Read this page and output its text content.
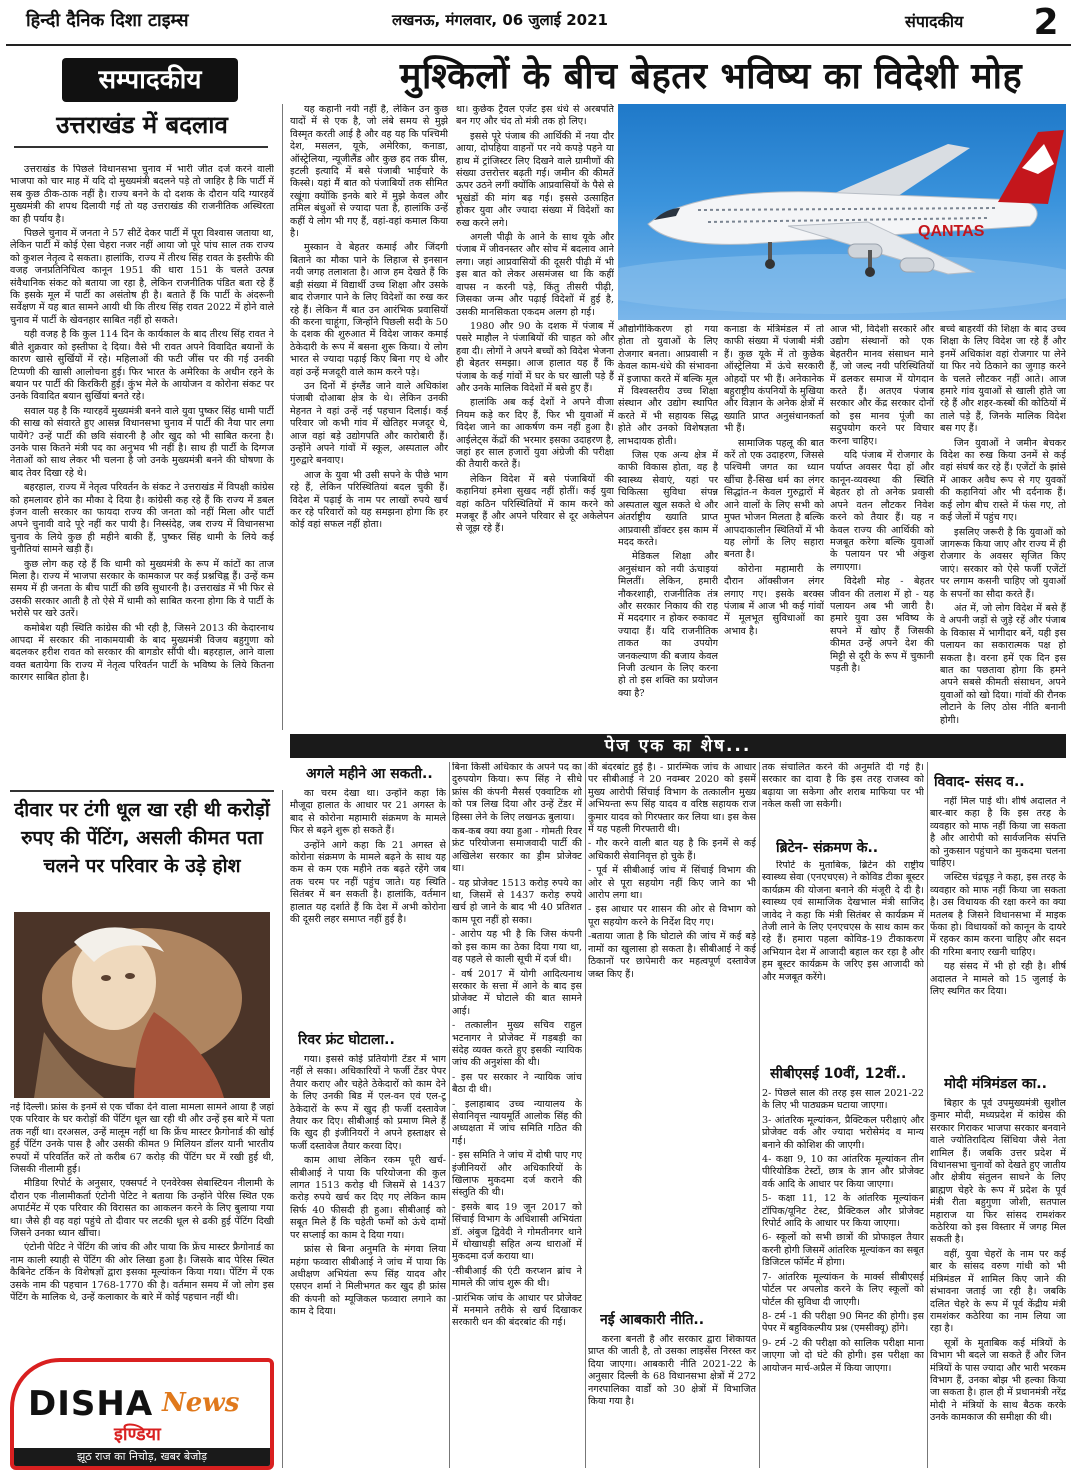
हिन्दी दैनिक दिशा टाइम्स	लखनऊ, मंगलवार, 06 जुलाई 2021	संपादकीय 2
सम्पादकीय	मुश्किलों के बीच बेहतर भविष्य का विदेशी मोह
उत्तराखंड में बदलाव

उत्तराखंड के पिछले विधानसभा चुनाव में भारी जीत दर्ज करने वाली भाजपा को चार माह में यदि दो मुख्यमंत्री बदलने पड़े तो जाहिर है कि पार्टी में सब कुछ ठीक-ठाक नहीं है। राज्य बनने के दो दशक के दौरान यदि ग्यारहवें मुख्यमंत्री की शपथ दिलायी गई तो यह उत्तराखंड की राजनीतिक अस्थिरता का ही पर्याय है।

पिछले चुनाव में जनता ने 57 सीटें देकर पार्टी में पूरा विश्वास जताया था, लेकिन पार्टी में कोई ऐसा चेहरा नजर नहीं आया जो पूरे पांच साल तक राज्य को कुशल नेतृत्व दे सकता। हालांकि, राज्य में तीरथ सिंह रावत के इस्तीफे की वजह जनप्रतिनिधित्व कानून 1951 की धारा 151 के चलते उत्पन्न संवैधानिक संकट को बताया जा रहा है, लेकिन राजनीतिक पंडित बता रहे हैं कि इसके मूल में पार्टी का असंतोष ही है। बताते हैं कि पार्टी के अंदरूनी सर्वेक्षण में यह बात सामने आयी थी कि तीरथ सिंह रावत 2022 में होने वाले चुनाव में पार्टी के खेवनहार साबित नहीं हो सकते।

यही वजह है कि कुल 114 दिन के कार्यकाल के बाद तीरथ सिंह रावत ने बीते शुक्रवार को इस्तीफा दे दिया। वैसे भी रावत अपने विवादित बयानों के कारण खासे सुर्खियों में रहे। महिलाओं की फटी जींस पर की गई उनकी टिप्पणी की खासी आलोचना हुई। फिर भारत के अमेरिका के अधीन रहने के बयान पर पार्टी की किरकिरी हुई। कुंभ मेले के आयोजन व कोरोना संकट पर उनके विवादित बयान सुर्खियां बनते रहे।

सवाल यह है कि ग्यारहवें मुख्यमंत्री बनने वाले युवा पुष्कर सिंह धामी पार्टी की साख को संवारते हुए आसन्न विधानसभा चुनाव में पार्टी की नैया पार लगा पायेंगे? उन्हें पार्टी की छवि संवारनी है और खुद को भी साबित करना है। उनके पास कितने मंत्री पद का अनुभव भी नहीं है। साथ ही पार्टी के दिग्गज नेताओं को साथ लेकर भी चलना है जो उनके मुख्यमंत्री बनने की घोषणा के बाद तेवर दिखा रहे थे।

बहरहाल, राज्य में नेतृत्व परिवर्तन के संकट ने उत्तराखंड में विपक्षी कांग्रेस को हमलावर होने का मौका दे दिया है। कांग्रेसी कह रहे हैं कि राज्य में डबल इंजन वाली सरकार का फायदा राज्य की जनता को नहीं मिला और पार्टी अपने चुनावी वादे पूरे नहीं कर पायी है। निस्संदेह, जब राज्य में विधानसभा चुनाव के लिये कुछ ही महीने बाकी हैं, पुष्कर सिंह धामी के लिये कई चुनौतियां सामने खड़ी हैं।

कुछ लोग कह रहे हैं कि धामी को मुख्यमंत्री के रूप में कांटों का ताज मिला है। राज्य में भाजपा सरकार के कामकाज पर कई प्रश्नचिह्न हैं। उन्हें कम समय में ही जनता के बीच पार्टी की छवि सुधारनी है। उत्तराखंड में भी फिर से उसकी सरकार आती है तो ऐसे में धामी को साबित करना होगा कि वे पार्टी के भरोसे पर खरे उतरें।

कमोबेश यही स्थिति कांग्रेस की भी रही है, जिसने 2013 की केदारनाथ आपदा में सरकार की नाकामयाबी के बाद मुख्यमंत्री विजय बहुगुणा को बदलकर हरीश रावत को सरकार की बागडोर सौंपी थी। बहरहाल, आने वाला वक्त बतायेगा कि राज्य में नेतृत्व परिवर्तन पार्टी के भविष्य के लिये कितना कारगर साबित होता है।

यह कहानी नयी नहीं है, लेकिन उन कुछ यादों में से एक है, जो लंबे समय से मुझे विस्मृत करती आई है और वह यह कि पश्चिमी देश, मसलन, यूके, अमेरिका, कनाडा, ऑस्ट्रेलिया, न्यूजीलैंड और कुछ हद तक ग्रीस, इटली इत्यादि में बसे पंजाबी भाईचारे के किस्से। यहां मैं बात को पंजाबियों तक सीमित रखूंगा क्योंकि इनके बारे में मुझे केवल और तमिल बंधुओं से ज्यादा पता है, हालांकि उन्हें कहीं ये लोग भी गए हैं, वहां-वहां कमाल किया है।

मुस्कान वे बेहतर कमाई और जिंदगी बिताने का मौका पाने के लिहाज से इनसान नयी जगह तलाशता है। आज हम देखते हैं कि बड़ी संख्या में विद्यार्थी उच्च शिक्षा और उसके बाद रोजगार पाने के लिए विदेशों का रुख कर रहे हैं। लेकिन मैं बात उन आरंभिक प्रवासियों की करना चाहूंगा, जिन्होंने पिछली सदी के 50 के दशक की शुरुआत में विदेश जाकर कमाई ठेकेदारी के रूप में बसना शुरू किया। ये लोग भारत से ज्यादा पढ़ाई किए बिना गए थे और वहां उन्हें मजदूरी वाले काम करने पड़े।

उन दिनों में इंग्लैंड जाने वाले अधिकांश पंजाबी दोआबा क्षेत्र के थे। लेकिन उनकी मेहनत ने वहां उन्हें नई पहचान दिलाई। कई परिवार जो कभी गांव में खेतिहर मजदूर थे, आज वहां बड़े उद्योगपति और कारोबारी हैं। उन्होंने अपने गांवों में स्कूल, अस्पताल और गुरुद्वारे बनवाए।

आज के युवा भी उसी सपने के पीछे भाग रहे हैं, लेकिन परिस्थितियां बदल चुकी हैं। विदेश में पढ़ाई के नाम पर लाखों रुपये खर्च कर रहे परिवारों को यह समझना होगा कि हर कोई वहां सफल नहीं होता।

था। कुछेक ट्रैवल एजेंट इस धंधे से अरबपति बन गए और चंद तो मंत्री तक हो लिए।

इससे पूरे पंजाब की आर्थिकी में नया दौर आया, दोपहिया वाहनों पर नये कपड़े पहने या हाथ में ट्रांजिस्टर लिए दिखने वाले ग्रामीणों की संख्या उत्तरोत्तर बढ़ती गई। जमीन की कीमतें ऊपर उठने लगीं क्योंकि आप्रवासियों के पैसे से भूखंडों की मांग बढ़ गई। इससे उत्साहित होकर युवा और ज्यादा संख्या में विदेशों का रुख करने लगे।

अगली पीढ़ी के आने के साथ यूके और पंजाब में जीवनस्तर और सोच में बदलाव आने लगा। जहां आप्रवासियों की दूसरी पीढ़ी में भी इस बात को लेकर असमंजस था कि कहीं वापस न करनी पड़े, किंतु तीसरी पीढ़ी, जिसका जन्म और पढ़ाई विदेशों में हुई है, उसकी मानसिकता एकदम अलग हो गई।

1980 और 90 के दशक में पंजाब में पसरे माहौल ने पंजाबियों की चाहत को और हवा दी। लोगों ने अपने बच्चों को विदेश भेजना ही बेहतर समझा। आज हालात यह हैं कि पंजाब के कई गांवों में घर के घर खाली पड़े हैं और उनके मालिक विदेशों में बसे हुए हैं।

हालांकि अब कई देशों ने अपने वीजा नियम कड़े कर दिए हैं, फिर भी युवाओं में विदेश जाने का आकर्षण कम नहीं हुआ है। आईलेट्स केंद्रों की भरमार इसका उदाहरण है, जहां हर साल हजारों युवा अंग्रेजी की परीक्षा की तैयारी करते हैं।

लेकिन विदेश में बसे पंजाबियों की कहानियां हमेशा सुखद नहीं होतीं। कई युवा वहां कठिन परिस्थितियों में काम करने को मजबूर हैं और अपने परिवार से दूर अकेलेपन से जूझ रहे हैं।

QANTAS

औद्योगीकिकरण हो गया होता तो युवाओं के लिए रोजगार बनता। आप्रवासी न केवल काम-धंधे की संभावना में इजाफा करते में बल्कि मूल में विश्वस्तरीय उच्च शिक्षा संस्थान और उद्योग स्थापित करते में भी सहायक सिद्ध होते और उनको विशेषज्ञता लाभदायक होती।

जिस एक अन्य क्षेत्र में काफी विकास होता, वह है स्वास्थ्य सेवाएं, यहां पर चिकित्सा सुविधा संपन्न अस्पताल खुल सकते थे और अंतर्राष्ट्रीय ख्याति प्राप्त आप्रवासी डॉक्टर इस काम में मदद करते।

मेडिकल शिक्षा और अनुसंधान को नयी ऊंचाइयां मिलतीं। लेकिन, हमारी नौकरशाही, राजनीतिक तंत्र और सरकार निकाय की राह में मददगार न होकर रुकावट ज्यादा हैं। यदि राजनीतिक ताकत का उपयोग जनकल्याण की बजाय केवल निजी उत्थान के लिए करना हो तो इस शक्ति का प्रयोजन क्या है?

कनाडा के मंत्रिमंडल में तो काफी संख्या में पंजाबी मंत्री हैं। कुछ यूके में तो कुछेक ऑस्ट्रेलिया में ऊंचे सरकारी ओहदों पर भी हैं। अनेकानेक बहुराष्ट्रीय कंपनियों के मुखिया और विज्ञान के अनेक क्षेत्रों में ख्याति प्राप्त अनुसंधानकर्ता भी हैं।

सामाजिक पहलू की बात करें तो एक उदाहरण, जिससे पश्चिमी जगत का ध्यान खींचा है-सिख धर्म का लंगर सिद्धांत-न केवल गुरुद्वारों में आने वालों के लिए सभी को मुफ्त भोजन मिलता है बल्कि आपदाकालीन स्थितियों में भी यह लोगों के लिए सहारा बनता है।

कोरोना महामारी के दौरान ऑक्सीजन लंगर लगाए गए। इसके बरक्स पंजाब में आज भी कई गांवों में मूलभूत सुविधाओं का अभाव है।

आज भी, विदेशी सरकारें और उद्योग संस्थानों को एक बेहतरीन मानव संसाधन माने हैं, जो जल्द नयी परिस्थितियों में ढलकर समाज में योगदान करते हैं। अतएव पंजाब सरकार और केंद्र सरकार दोनों को इस मानव पूंजी का सदुपयोग करने पर विचार करना चाहिए।

यदि पंजाब में रोजगार के पर्याप्त अवसर पैदा हों और कानून-व्यवस्था की स्थिति बेहतर हो तो अनेक प्रवासी अपने वतन लौटकर निवेश करने को तैयार हैं। यह न केवल राज्य की आर्थिकी को मजबूत करेगा बल्कि युवाओं के पलायन पर भी अंकुश लगाएगा।

विदेशी मोह - बेहतर जीवन की तलाश में हो - यह पलायन अब भी जारी है। हमारे युवा उस भविष्य के सपने में खोए हैं जिसकी कीमत उन्हें अपने देश की मिट्टी से दूरी के रूप में चुकानी पड़ती है।

बच्चे बाहरवीं की शिक्षा के बाद उच्च शिक्षा के लिए विदेश जा रहे हैं और इनमें अधिकांश वहां रोजगार पा लेने या फिर नये ठिकाने का जुगाड़ करने के चलते लौटकर नहीं आते। आज हमारे गांव युवाओं से खाली होते जा रहे हैं और शहर-कस्बों की कोठियों में ताले पड़े हैं, जिनके मालिक विदेश बस गए हैं।

जिन युवाओं ने जमीन बेचकर विदेश का रुख किया उनमें से कई वहां संघर्ष कर रहे हैं। एजेंटों के झांसे में आकर अवैध रूप से गए युवकों की कहानियां और भी दर्दनाक हैं। कई लोग बीच रास्ते में फंस गए, तो कई जेलों में पहुंच गए।

इसलिए जरूरी है कि युवाओं को जागरूक किया जाए और राज्य में ही रोजगार के अवसर सृजित किए जाएं। सरकार को ऐसे फर्जी एजेंटों पर लगाम कसनी चाहिए जो युवाओं के सपनों का सौदा करते हैं।

अंत में, जो लोग विदेश में बसे हैं वे अपनी जड़ों से जुड़े रहें और पंजाब के विकास में भागीदार बनें, यही इस पलायन का सकारात्मक पक्ष हो सकता है। वरना हमें एक दिन इस बात का पछतावा होगा कि हमने अपने सबसे कीमती संसाधन, अपने युवाओं को खो दिया। गांवों की रौनक लौटाने के लिए ठोस नीति बनानी होगी।

पेज एक का शेष...
दीवार पर टंगी धूल खा रही थी करोड़ों रुपए की पेंटिंग, असली कीमत पता चलने पर परिवार के उड़े होश

नई दिल्ली। फ्रांस के इनमें से एक चौंका देने वाला मामला सामने आया है जहां एक परिवार के घर करोड़ों की पेंटिंग धूल खा रही थी और उन्हें इस बारे में पता तक नहीं था। दरअसल, उन्हें मालूम नहीं था कि फ्रेंच मास्टर फ्रैगोनार्ड की खोई हुई पेंटिंग उनके पास है और उसकी कीमत 9 मिलियन डॉलर यानी भारतीय रुपयों में परिवर्तित करें तो करीब 67 करोड़ की पेंटिंग घर में रखी हुई थी, जिसकी नीलामी हुई।

मीडिया रिपोर्ट के अनुसार, एक्सपर्ट ने एनवेरेक्स सेबास्टियन नीलामी के दौरान एक नीलामीकर्ता एंटोनी पेटिट ने बताया कि उन्होंने पेरिस स्थित एक अपार्टमेंट में एक परिवार की विरासत का आकलन करने के लिए बुलाया गया था। जैसे ही वह वहां पहुंचे तो दीवार पर लटकी धूल से ढकी हुई पेंटिंग दिखी जिसने उनका ध्यान खींचा।

एंटोनी पेटिट ने पेंटिंग की जांच की और पाया कि फ्रेंच मास्टर फ्रैगोनार्ड का नाम काली स्याही से पेंटिंग की ओर लिखा हुआ है। जिसके बाद पेरिस स्थित कैबिनेट टर्किन के विशेषज्ञों द्वारा इसका मूल्यांकन किया गया। पेंटिंग में एक उसके नाम की पहचान 1768-1770 की है। वर्तमान समय में जो लोग इस पेंटिंग के मालिक थे, उन्हें कलाकार के बारे में कोई पहचान नहीं थी।

DISHA News
इण्डिया
झूठ राज का निचोड़, खबर बेजोड़
अगले महीने आ सकती..

का चरम देखा था। उन्होंने कहा कि मौजूदा हालात के आधार पर 21 अगस्त के बाद से कोरोना महामारी संक्रमण के मामले फिर से बढ़ने शुरू हो सकते हैं।

उन्होंने आगे कहा कि 21 अगस्त से कोरोना संक्रमण के मामले बढ़ने के साथ यह कम से कम एक महीने तक बढ़ते रहेंगे जब तक चरम पर नहीं पहुंच जाते। यह स्थिति सितंबर में बन सकती है। हालांकि, वर्तमान हालात यह दर्शाते हैं कि देश में अभी कोरोना की दूसरी लहर समाप्त नहीं हुई है।

रिवर फ्रंट घोटाला..

गया। इससे कोई प्रतियोगी टेंडर में भाग नहीं ले सका। अधिकारियों ने फर्जी टेंडर पेपर तैयार कराए और चहेते ठेकेदारों को काम देने के लिए उनकी बिड में एल-वन एवं एल-टू ठेकेदारों के रूप में खुद ही फर्जी दस्तावेज तैयार कर दिए। सीबीआई को प्रमाण मिले हैं कि खुद ही इंजीनियरों ने अपने हस्ताक्षर से फर्जी दस्तावेज तैयार करवा दिए।

काम आधा लेकिन रकम पूरी खर्च-सीबीआई ने पाया कि परियोजना की कुल लागत 1513 करोड़ थी जिसमें से 1437 करोड़ रुपये खर्च कर दिए गए लेकिन काम सिर्फ 40 फीसदी ही हुआ। सीबीआई को सबूत मिले हैं कि चहेती फर्मों को ऊंचे दामों पर सप्लाई का काम दे दिया गया।

फ्रांस से बिना अनुमति के मंगवा लिया महंगा फव्वारा सीबीआई ने जांच में पाया कि अधीक्षण अभियंता रूप सिंह यादव और एसएन शर्मा ने मिलीभगत कर खुद ही फ्रांस की कंपनी को म्यूजिकल फव्वारा लगाने का काम दे दिया।

बिना किसी अधिकार के अपने पद का दुरुपयोग किया। रूप सिंह ने सीधे फ्रांस की कंपनी मैसर्स एक्वाटिक शो को पत्र लिख दिया और उन्हें टेंडर में हिस्सा लेने के लिए लखनऊ बुलाया।

कब-कब क्या क्या हुआ - गोमती रिवर फ्रंट परियोजना समाजवादी पार्टी की अखिलेश सरकार का ड्रीम प्रोजेक्ट था।

- यह प्रोजेक्ट 1513 करोड़ रुपये का था, जिसमें से 1437 करोड़ रुपये खर्च हो जाने के बाद भी 40 प्रतिशत काम पूरा नहीं हो सका।

- आरोप यह भी है कि जिस कंपनी को इस काम का ठेका दिया गया था, वह पहले से काली सूची में दर्ज थी।

- वर्ष 2017 में योगी आदित्यनाथ सरकार के सत्ता में आने के बाद इस प्रोजेक्ट में घोटाले की बात सामने आई।

- तत्कालीन मुख्य सचिव राहुल भटनागर ने प्रोजेक्ट में गड़बड़ी का संदेह व्यक्त करते हुए इसकी न्यायिक जांच की अनुशंसा की थी।

- इस पर सरकार ने न्यायिक जांच बैठा दी थी।

- इलाहाबाद उच्च न्यायालय के सेवानिवृत्त न्यायमूर्ति आलोक सिंह की अध्यक्षता में जांच समिति गठित की गई।

- इस समिति ने जांच में दोषी पाए गए इंजीनियरों और अधिकारियों के खिलाफ मुकदमा दर्ज कराने की संस्तुति की थी।

- इसके बाद 19 जून 2017 को सिंचाई विभाग के अधिशासी अभियंता डॉ. अंबुज द्विवेदी ने गोमतीनगर थाने में धोखाधड़ी सहित अन्य धाराओं में मुकदमा दर्ज कराया था।

-सीबीआई की एंटी करप्शन ब्रांच ने मामले की जांच शुरू की थी।

-प्रारंभिक जांच के आधार पर प्रोजेक्ट में मनमाने तरीके से खर्च दिखाकर सरकारी धन की बंदरबांट की गई।

की बंदरबांट हुई है। - प्रारम्भिक जांच के आधार पर सीबीआई ने 20 नवम्बर 2020 को इसमें मुख्य आरोपी सिंचाई विभाग के तत्कालीन मुख्य अभियन्ता रूप सिंह यादव व वरिष्ठ सहायक राज कुमार यादव को गिरफ्तार कर लिया था। इस केस में यह पहली गिरफ्तारी थी।

- गौर करने वाली बात यह है कि इनमें से कई अधिकारी सेवानिवृत्त हो चुके हैं।

- पूर्व में सीबीआई जांच में सिंचाई विभाग की ओर से पूरा सहयोग नहीं किए जाने का भी आरोप लगा था।

- इस आधार पर शासन की ओर से विभाग को पूरा सहयोग करने के निर्देश दिए गए।

-बताया जाता है कि घोटाले की जांच में कई बड़े नामों का खुलासा हो सकता है। सीबीआई ने कई ठिकानों पर छापेमारी कर महत्वपूर्ण दस्तावेज जब्त किए हैं।

नई आबकारी नीति..

करना बनती है और सरकार द्वारा शिकायत प्राप्त की जाती है, तो उसका लाइसेंस निरस्त कर दिया जाएगा। आबकारी नीति 2021-22 के अनुसार दिल्ली के 68 विधानसभा क्षेत्रों में 272 नगरपालिका वार्डों को 30 क्षेत्रों में विभाजित किया गया है।

तक संचालित करने की अनुमति दी गई है। सरकार का दावा है कि इस तरह राजस्व को बढ़ाया जा सकेगा और शराब माफिया पर भी नकेल कसी जा सकेगी।

ब्रिटेन- संक्रमण के..

रिपोर्ट के मुताबिक, ब्रिटेन की राष्ट्रीय स्वास्थ्य सेवा (एनएचएस) ने कोविड टीका बूस्टर कार्यक्रम की योजना बनाने की मंजूरी दे दी है। स्वास्थ्य एवं सामाजिक देखभाल मंत्री साजिद जावेद ने कहा कि मंत्री सितंबर से कार्यक्रम में तेजी लाने के लिए एनएचएस के साथ काम कर रहे हैं। हमारा पहला कोविड-19 टीकाकरण अभियान देश में आजादी बहाल कर रहा है और हम बूस्टर कार्यक्रम के जरिए इस आजादी को और मजबूत करेंगे।

सीबीएसई 10वीं, 12वीं..

2- पिछले साल की तरह इस साल 2021-22 के लिए भी पाठ्यक्रम घटाया जाएगा।

3- आंतरिक मूल्यांकन, प्रैक्टिकल परीक्षाएं और प्रोजेक्ट वर्क और ज्यादा भरोसेमंद व मान्य बनाने की कोशिश की जाएगी।

4- कक्षा 9, 10 का आंतरिक मूल्यांकन तीन पीरियोडिक टेस्टों, छात्र के ज्ञान और प्रोजेक्ट वर्क आदि के आधार पर किया जाएगा।

5- कक्षा 11, 12 के आंतरिक मूल्यांकन टॉपिक/यूनिट टेस्ट, प्रैक्टिकल और प्रोजेक्ट रिपोर्ट आदि के आधार पर किया जाएगा।

6- स्कूलों को सभी छात्रों की प्रोफाइल तैयार करनी होगी जिसमें आंतरिक मूल्यांकन का सबूत डिजिटल फॉर्मेट में होगा।

7- आंतरिक मूल्यांकन के मार्क्स सीबीएसई पोर्टल पर अपलोड करने के लिए स्कूलों को पोर्टल की सुविधा दी जाएगी।

8- टर्म -1 की परीक्षा 90 मिनट की होगी। इस पेपर में बहुविकल्पीय प्रश्न (एमसीक्यू) होंगे।

9- टर्म -2 की परीक्षा को सालिक परीक्षा माना जाएगा जो दो घंटे की होगी। इस परीक्षा का आयोजन मार्च-अप्रैल में किया जाएगा।

विवाद- संसद व..

नहीं मिल पाई थी। शीर्ष अदालत ने बार-बार कहा है कि इस तरह के व्यवहार को माफ नहीं किया जा सकता है और आरोपी को सार्वजनिक संपत्ति को नुकसान पहुंचाने का मुकदमा चलना चाहिए।

जस्टिस चंद्रचूड़ ने कहा, इस तरह के व्यवहार को माफ नहीं किया जा सकता है। उस विधायक की रक्षा करने का क्या मतलब है जिसने विधानसभा में माइक फेंका हो। विधायकों को कानून के दायरे में रहकर काम करना चाहिए और सदन की गरिमा बनाए रखनी चाहिए।

यह संसद में भी हो रही है। शीर्ष अदालत ने मामले को 15 जुलाई के लिए स्थगित कर दिया।

मोदी मंत्रिमंडल का..

बिहार के पूर्व उपमुख्यमंत्री सुशील कुमार मोदी, मध्यप्रदेश में कांग्रेस की सरकार गिराकर भाजपा सरकार बनवाने वाले ज्योतिरादित्य सिंधिया जैसे नेता शामिल हैं। जबकि उत्तर प्रदेश में विधानसभा चुनावों को देखते हुए जातीय और क्षेत्रीय संतुलन साधने के लिए ब्राह्मण चेहरे के रूप में प्रदेश के पूर्व मंत्री रीता बहुगुणा जोशी, सतपाल महाराज या फिर सांसद रामशंकर कठेरिया को इस विस्तार में जगह मिल सकती है।

वहीं, युवा चेहरों के नाम पर कई बार के सांसद वरुण गांधी को भी मंत्रिमंडल में शामिल किए जाने की संभावना जताई जा रही है। जबकि दलित चेहरे के रूप में पूर्व केंद्रीय मंत्री रामशंकर कठेरिया का नाम लिया जा रहा है।

सूत्रों के मुताबिक कई मंत्रियों के विभाग भी बदले जा सकते हैं और जिन मंत्रियों के पास ज्यादा और भारी भरकम विभाग हैं, उनका बोझ भी हल्का किया जा सकता है। हाल ही में प्रधानमंत्री नरेंद्र मोदी ने मंत्रियों के साथ बैठक करके उनके कामकाज की समीक्षा की थी।
